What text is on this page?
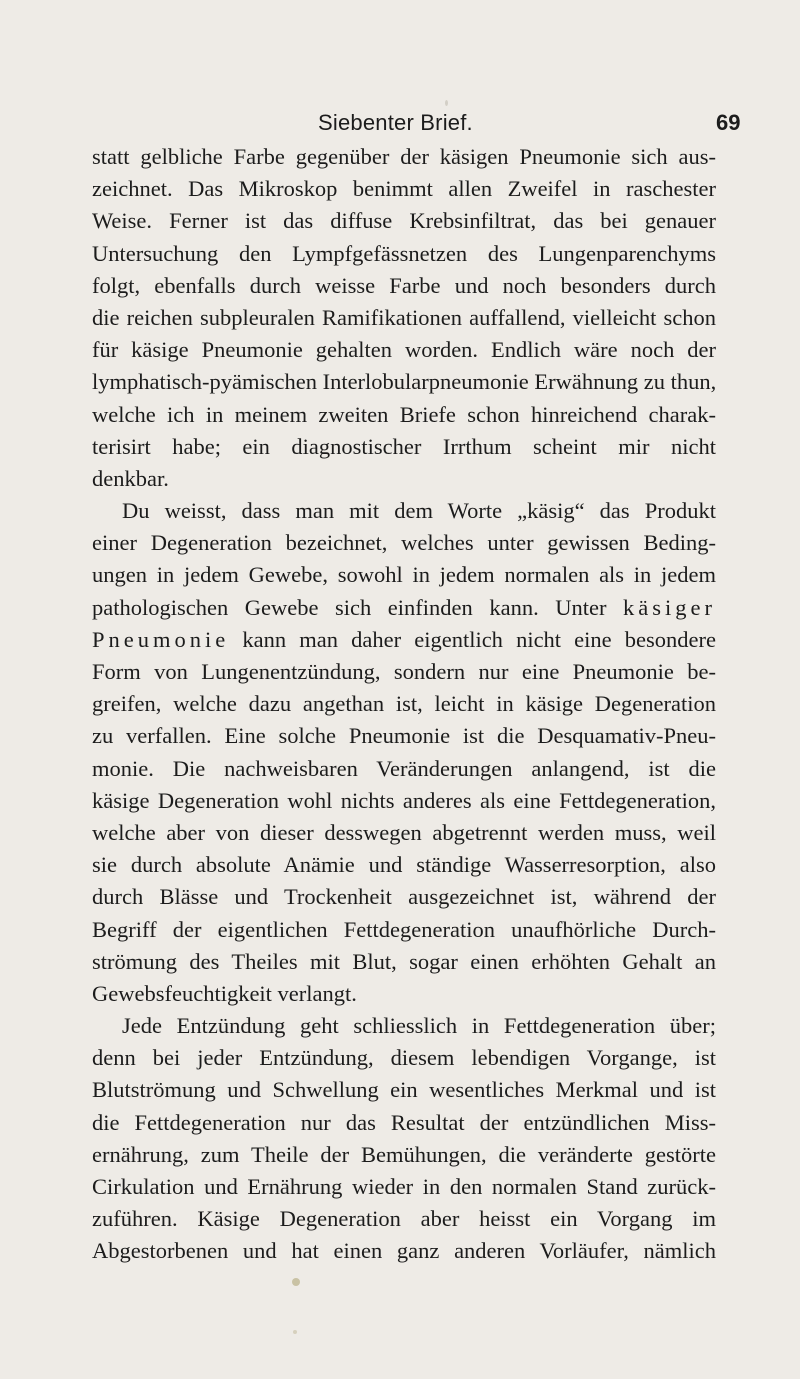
Siebenter Brief.	69
statt gelbliche Farbe gegenüber der käsigen Pneumonie sich aus-
zeichnet. Das Mikroskop benimmt allen Zweifel in raschester
Weise. Ferner ist das diffuse Krebsinfiltrat, das bei genauer
Untersuchung den Lympfgefässnetzen des Lungenparenchyms
folgt, ebenfalls durch weisse Farbe und noch besonders durch
die reichen subpleuralen Ramifikationen auffallend, vielleicht schon
für käsige Pneumonie gehalten worden. Endlich wäre noch der
lymphatisch-pyämischen Interlobularpneumonie Erwähnung zu thun,
welche ich in meinem zweiten Briefe schon hinreichend charak-
terisirt habe; ein diagnostischer Irrthum scheint mir nicht
denkbar.
Du weisst, dass man mit dem Worte „käsig“ das Produkt
einer Degeneration bezeichnet, welches unter gewissen Beding-
ungen in jedem Gewebe, sowohl in jedem normalen als in jedem
pathologischen Gewebe sich einfinden kann. Unter käsiger
Pneumonie kann man daher eigentlich nicht eine besondere
Form von Lungenentzündung, sondern nur eine Pneumonie be-
greifen, welche dazu angethan ist, leicht in käsige Degeneration
zu verfallen. Eine solche Pneumonie ist die Desquamativ-Pneu-
monie. Die nachweisbaren Veränderungen anlangend, ist die
käsige Degeneration wohl nichts anderes als eine Fettdegeneration,
welche aber von dieser desswegen abgetrennt werden muss, weil
sie durch absolute Anämie und ständige Wasserresorption, also
durch Blässe und Trockenheit ausgezeichnet ist, während der
Begriff der eigentlichen Fettdegeneration unaufhörliche Durch-
strömung des Theiles mit Blut, sogar einen erhöhten Gehalt an
Gewebsfeuchtigkeit verlangt.
Jede Entzündung geht schliesslich in Fettdegeneration über;
denn bei jeder Entzündung, diesem lebendigen Vorgange, ist
Blutströmung und Schwellung ein wesentliches Merkmal und ist
die Fettdegeneration nur das Resultat der entzündlichen Miss-
ernährung, zum Theile der Bemühungen, die veränderte gestörte
Cirkulation und Ernährung wieder in den normalen Stand zurück-
zuführen. Käsige Degeneration aber heisst ein Vorgang im
Abgestorbenen und hat einen ganz anderen Vorläufer, nämlich
